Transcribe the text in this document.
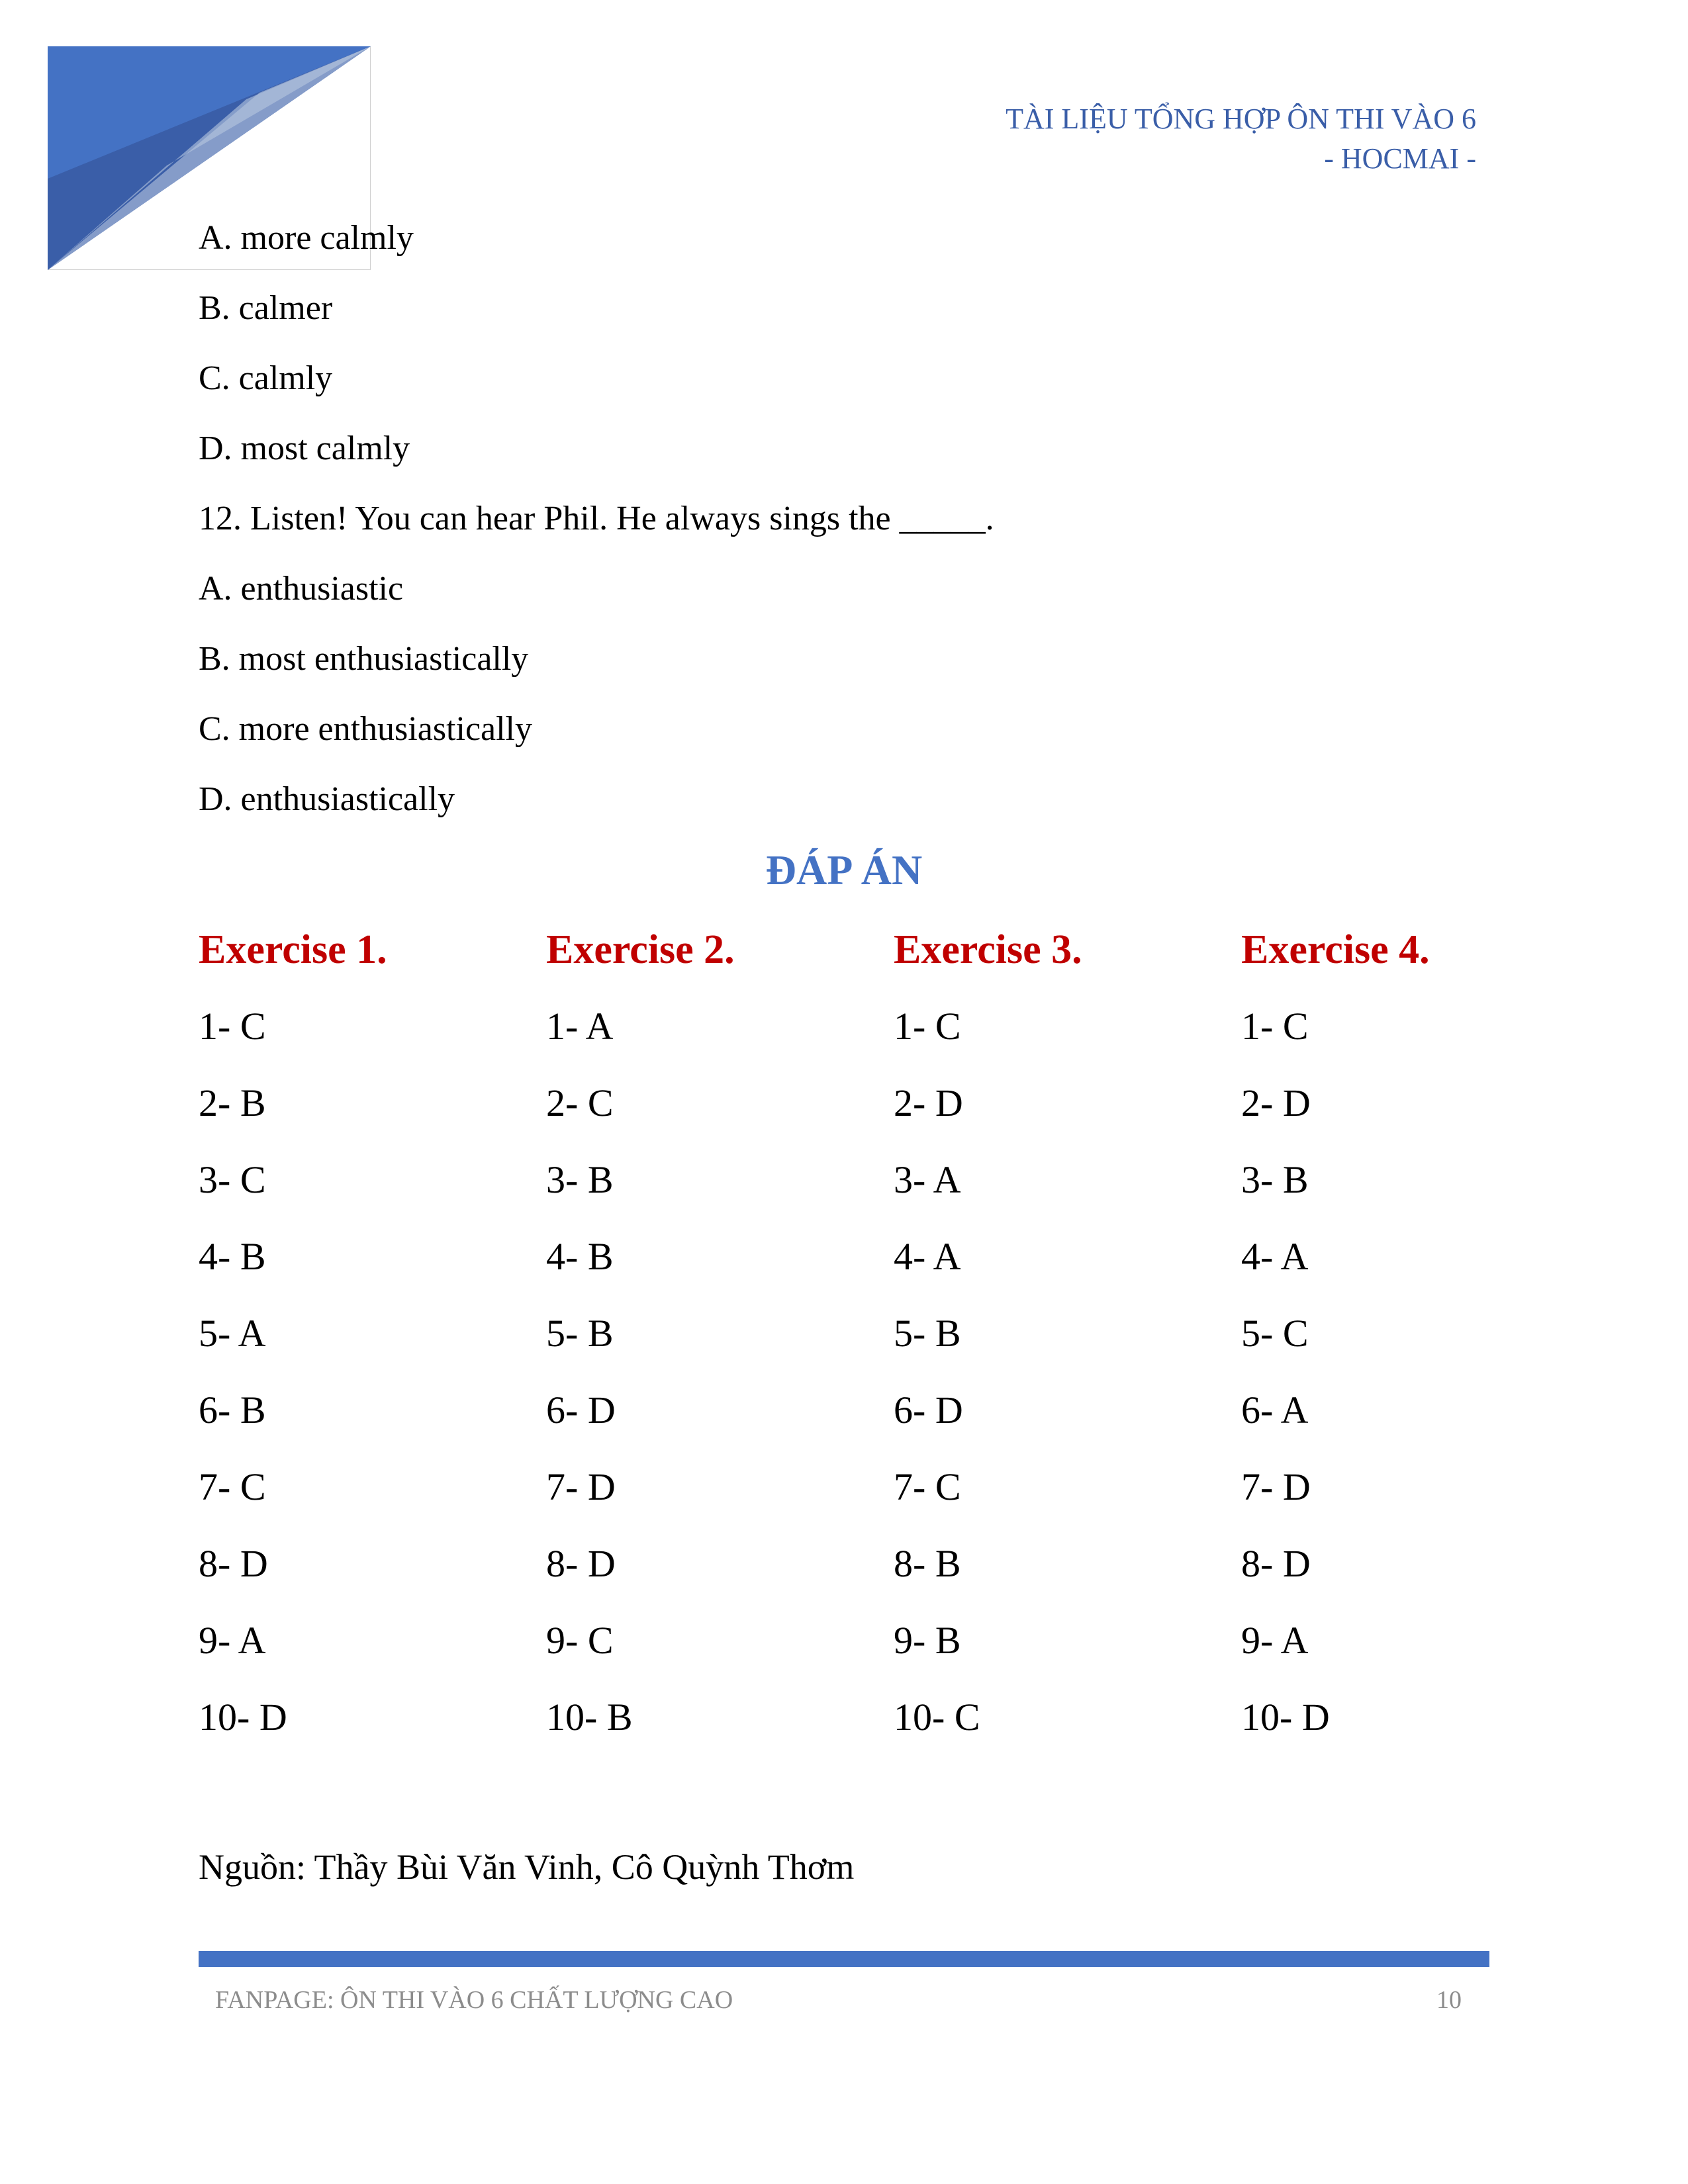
TÀI LIỆU TỔNG HỢP ÔN THI VÀO 6
- HOCMAI -
A. more calmly
B. calmer
C. calmly
D. most calmly
12. Listen! You can hear Phil. He always sings the _____.
A. enthusiastic
B. most enthusiastically
C. more enthusiastically
D. enthusiastically
ĐÁP ÁN
Exercise 1.
1- C
2- B
3- C
4- B
5- A
6- B
7- C
8- D
9- A
10- D
Exercise 2.
1- A
2- C
3- B
4- B
5- B
6- D
7- D
8- D
9- C
10- B
Exercise 3.
1- C
2- D
3- A
4- A
5- B
6- D
7- C
8- B
9- B
10- C
Exercise 4.
1- C
2- D
3- B
4- A
5- C
6- A
7- D
8- D
9- A
10- D
Nguồn: Thầy Bùi Văn Vinh, Cô Quỳnh Thơm
FANPAGE: ÔN THI VÀO 6 CHẤT LƯỢNG CAO	10
